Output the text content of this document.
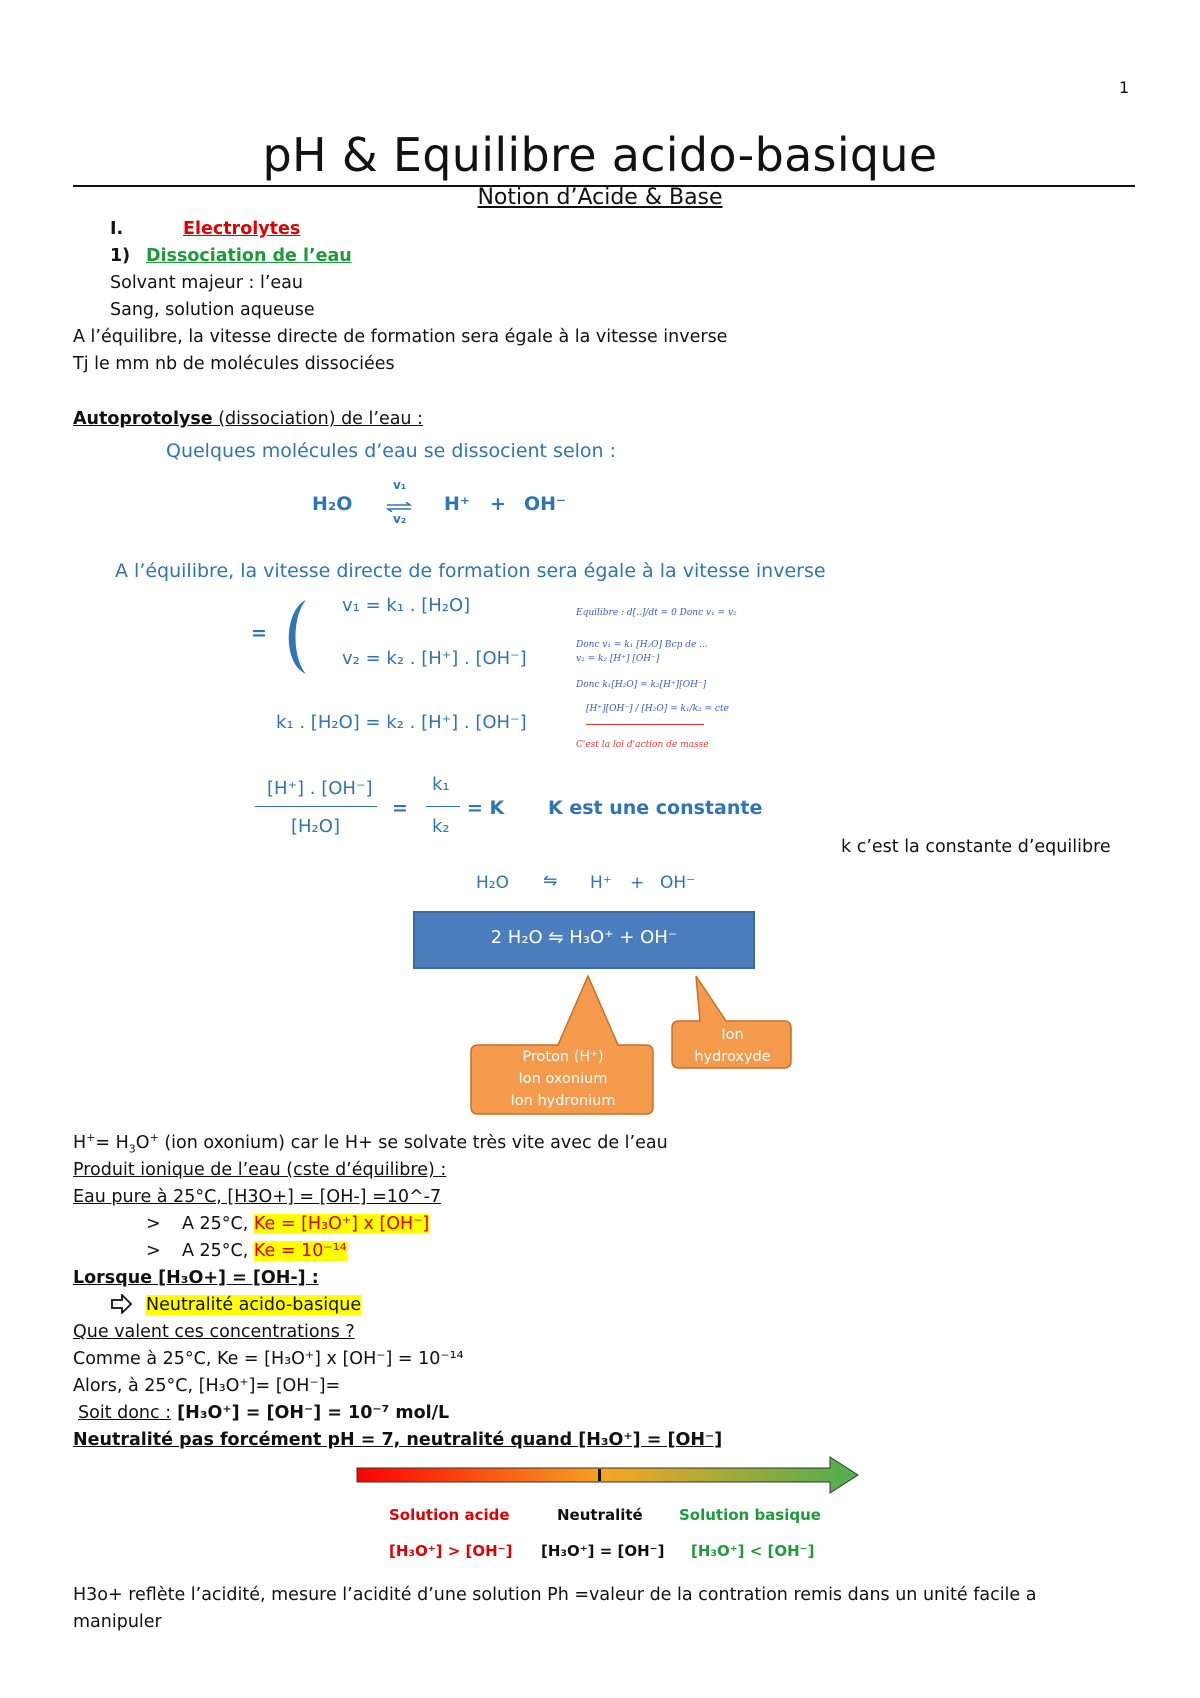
1
pH & Equilibre acido-basique
Notion d’Acide & Base
I.	Electrolytes
1) Dissociation de l’eau
Solvant majeur : l’eau
Sang, solution aqueuse
A l’équilibre, la vitesse directe de formation sera égale à la vitesse inverse
Tj le mm nb de molécules dissociées
Autoprotolyse (dissociation) de l’eau :
Quelques molécules d’eau se dissocient selon :
H₂O
v₁
v₂
H⁺ + OH⁻
A l’équilibre, la vitesse directe de formation sera égale à la vitesse inverse
=
v₁ = k₁ . [H₂O]
v₂ = k₂ . [H⁺] . [OH⁻]
k₁ . [H₂O] = k₂ . [H⁺] . [OH⁻]
[H⁺] . [OH⁻]
[H₂O]
=
k₁
k₂
= K K est une constante
Equilibre : d[..]/dt = 0 Donc v₁ = v₂
Donc v₁ = k₁ [H₂O] Bcp de ...
v₂ = k₂ [H⁺] [OH⁻]
Donc k₁[H₂O] = k₂[H⁺][OH⁻]
[H⁺][OH⁻] / [H₂O] = k₁/k₂ = cte
C'est la loi d'action de masse
k c’est la constante d’equilibre
H₂O ⇋ H⁺ + OH⁻
2 H₂O ⇋ H₃O⁺ + OH⁻
Proton (H⁺)
Ion oxonium
Ion hydronium
Ion
hydroxyde
$H^+= H_3O^+$ (ion oxonium) car le H+ se solvate très vite avec de l’eau
Produit ionique de l’eau (cste d’équilibre) :
Eau pure à 25°C, [H3O+] = [OH-] =10^-7
> A 25°C, Ke = [H₃O⁺] x [OH⁻]
> A 25°C, Ke = 10⁻¹⁴
Lorsque [H₃O+] = [OH-] :
Neutralité acido-basique
Que valent ces concentrations ?
Comme à 25°C, Ke = [H₃O⁺] x [OH⁻] = 10⁻¹⁴
Alors, à 25°C, [H₃O⁺]= [OH⁻]=
Soit donc : [H₃O⁺] = [OH⁻] = 10⁻⁷ mol/L
Neutralité pas forcément pH = 7, neutralité quand [H₃O⁺] = [OH⁻]
Solution acide	Neutralité Solution basique
[H₃O⁺] > [OH⁻] [H₃O⁺] = [OH⁻] [H₃O⁺] < [OH⁻]
H3o+ reflète l’acidité, mesure l’acidité d’une solution Ph =valeur de la contration remis dans un unité facile a
manipuler
